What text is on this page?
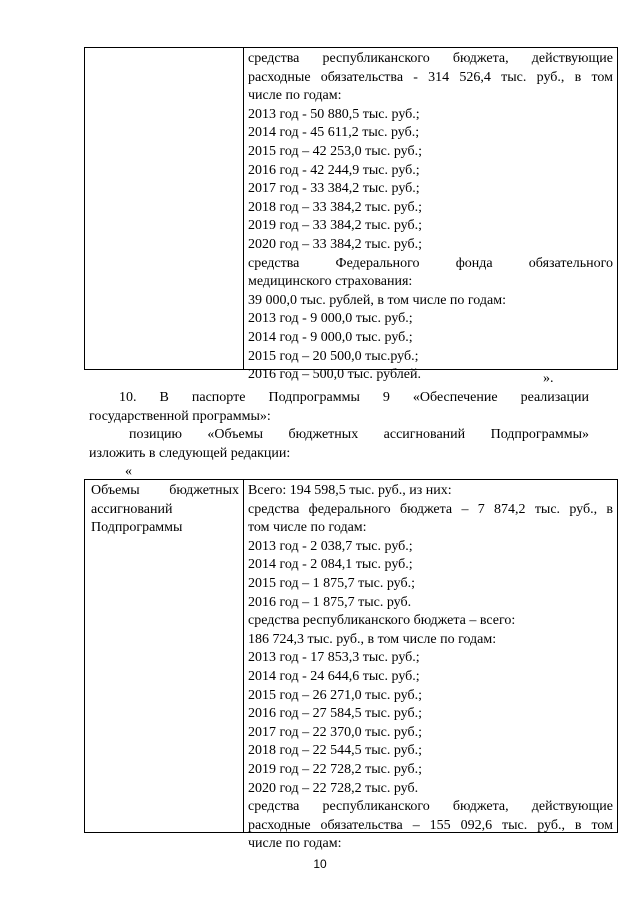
средства республиканского бюджета, действующие
расходные обязательства - 314 526,4 тыс. руб., в том
числе по годам:
2013 год - 50 880,5 тыс. руб.;
2014 год - 45 611,2 тыс. руб.;
2015 год – 42 253,0 тыс. руб.;
2016 год - 42 244,9 тыс. руб.;
2017 год - 33 384,2 тыс. руб.;
2018 год – 33 384,2 тыс. руб.;
2019 год – 33 384,2 тыс. руб.;
2020 год – 33 384,2 тыс. руб.;
средства Федерального фонда обязательного
медицинского страхования:
39 000,0 тыс. рублей, в том числе по годам:
2013 год - 9 000,0 тыс. руб.;
2014 год - 9 000,0 тыс. руб.;
2015 год – 20 500,0 тыс.руб.;
2016 год – 500,0 тыс. рублей.	».
10. В паспорте Подпрограммы 9 «Обеспечение реализации
государственной программы»:
позицию «Объемы бюджетных ассигнований Подпрограммы»
изложить в следующей редакции:
«
Объемы бюджетных
ассигнований
Подпрограммы
Всего: 194 598,5 тыс. руб., из них:
средства федерального бюджета – 7 874,2 тыс. руб., в
том числе по годам:
2013 год - 2 038,7 тыс. руб.;
2014 год - 2 084,1 тыс. руб.;
2015 год – 1 875,7 тыс. руб.;
2016 год – 1 875,7 тыс. руб.
средства республиканского бюджета – всего:
186 724,3 тыс. руб., в том числе по годам:
2013 год - 17 853,3 тыс. руб.;
2014 год - 24 644,6 тыс. руб.;
2015 год – 26 271,0 тыс. руб.;
2016 год – 27 584,5 тыс. руб.;
2017 год – 22 370,0 тыс. руб.;
2018 год – 22 544,5 тыс. руб.;
2019 год – 22 728,2 тыс. руб.;
2020 год – 22 728,2 тыс. руб.
средства республиканского бюджета, действующие
расходные обязательства – 155 092,6 тыс. руб., в том
числе по годам:
10
